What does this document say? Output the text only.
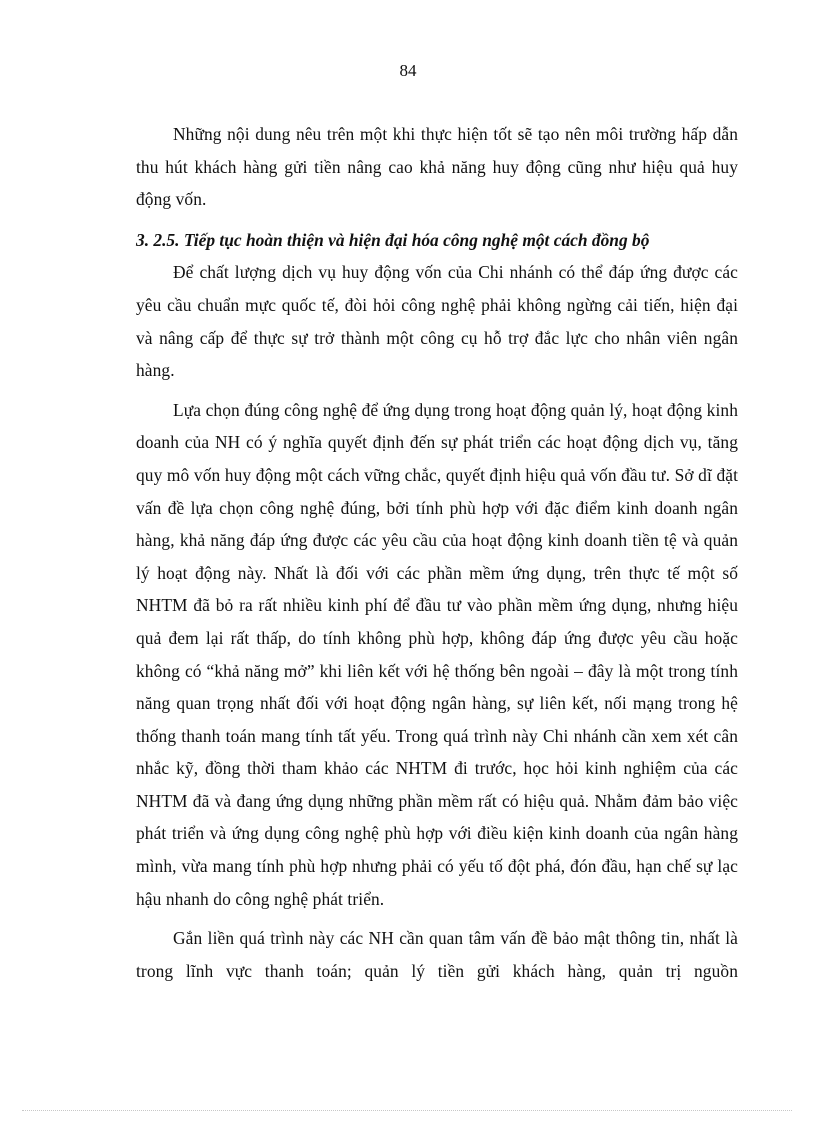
84

Những nội dung nêu trên một khi thực hiện tốt sẽ tạo nên môi trường hấp dẫn thu hút khách hàng gửi tiền nâng cao khả năng huy động cũng như hiệu quả huy động vốn.

3. 2.5. Tiếp tục hoàn thiện và hiện đại hóa công nghệ một cách đồng bộ

Để chất lượng dịch vụ huy động vốn của Chi nhánh có thể đáp ứng được các yêu cầu chuẩn mực quốc tế, đòi hỏi công nghệ phải không ngừng cải tiến, hiện đại và nâng cấp để thực sự trở thành một công cụ hỗ trợ đắc lực cho nhân viên ngân hàng.

Lựa chọn đúng công nghệ để ứng dụng trong hoạt động quản lý, hoạt động kinh doanh của NH có ý nghĩa quyết định đến sự phát triển các hoạt động dịch vụ, tăng quy mô vốn huy động một cách vững chắc, quyết định hiệu quả vốn đầu tư. Sở dĩ đặt vấn đề lựa chọn công nghệ đúng, bởi tính phù hợp với đặc điểm kinh doanh ngân hàng, khả năng đáp ứng được các yêu cầu của hoạt động kinh doanh tiền tệ và quản lý hoạt động này. Nhất là đối với các phần mềm ứng dụng, trên thực tế một số NHTM đã bỏ ra rất nhiều kinh phí để đầu tư vào phần mềm ứng dụng, nhưng hiệu quả đem lại rất thấp, do tính không phù hợp, không đáp ứng được yêu cầu hoặc không có “khả năng mở” khi liên kết với hệ thống bên ngoài – đây là một trong tính năng quan trọng nhất đối với hoạt động ngân hàng, sự liên kết, nối mạng trong hệ thống thanh toán mang tính tất yếu. Trong quá trình này Chi nhánh cần xem xét cân nhắc kỹ, đồng thời tham khảo các NHTM đi trước, học hỏi kinh nghiệm của các NHTM đã và đang ứng dụng những phần mềm rất có hiệu quả. Nhằm đảm bảo việc phát triển và ứng dụng công nghệ phù hợp với điều kiện kinh doanh của ngân hàng mình, vừa mang tính phù hợp nhưng phải có yếu tố đột phá, đón đầu, hạn chế sự lạc hậu nhanh do công nghệ phát triển.

Gắn liền quá trình này các NH cần quan tâm vấn đề bảo mật thông tin, nhất là trong lĩnh vực thanh toán; quản lý tiền gửi khách hàng, quản trị nguồn
